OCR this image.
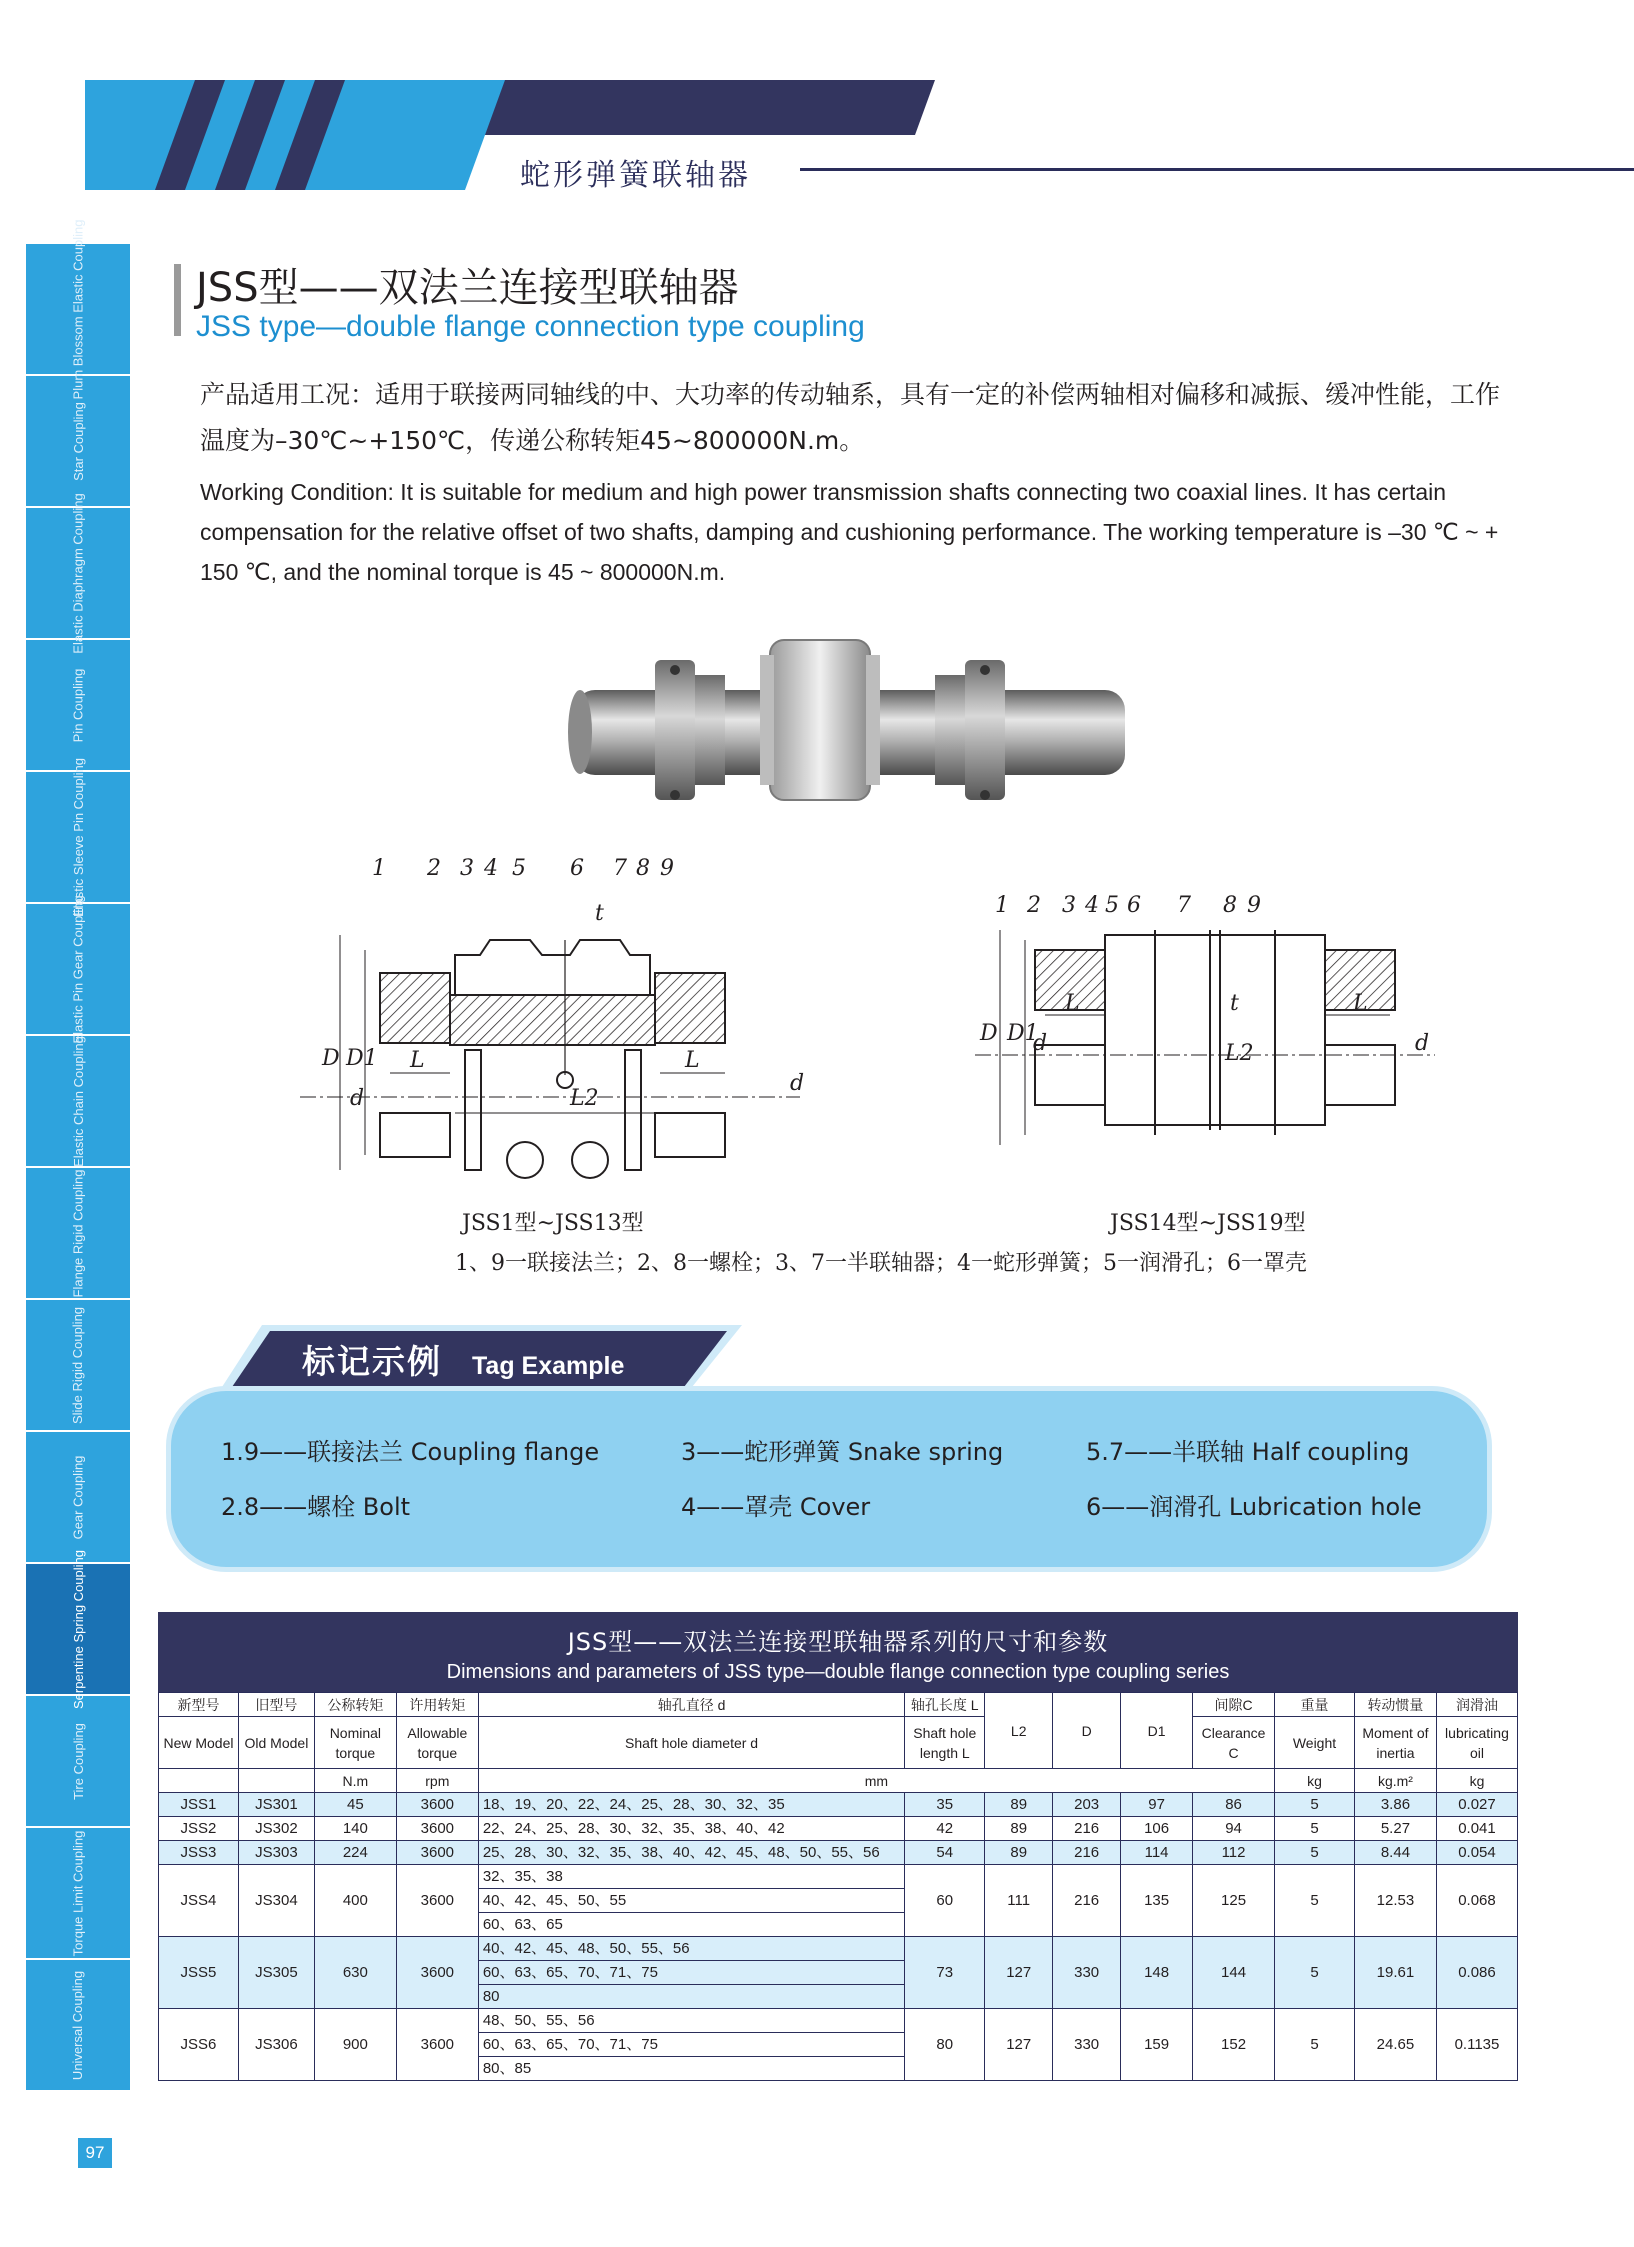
蛇形弹簧联轴器
Plum Blossom Elastic Coupling
Star Coupling
Elastic Diaphragm Coupling
Pin Coupling
Elastic Sleeve Pin Coupling
Elastic Pin Gear Coupling
Elastic Chain Coupling
Flange Rigid Coupling
Slide Rigid Coupling
Gear Coupling
Serpentine Spring Coupling
Tire Coupling
Torque Limit Coupling
Universal Coupling
JSS型——双法兰连接型联轴器
JSS type—double flange connection type coupling
产品适用工况：适用于联接两同轴线的中、大功率的传动轴系，具有一定的补偿两轴相对偏移和减振、缓冲性能，工作温度为–30℃~+150℃，传递公称转矩45~800000N.m。
Working Condition: It is suitable for medium and high power transmission shafts connecting two coaxial lines. It has certain compensation for the relative offset of two shafts, damping and cushioning performance. The working temperature is –30 ℃ ~ + 150 ℃, and the nominal torque is 45 ~ 800000N.m.
1 2 3 4 5 6 7 8 9
t
D D1
d
L	L
L2
d
1 2 3 4 5 6 7 8 9
t
D D1
d
L	L
L2	d
JSS1型~JSS13型	JSS14型~JSS19型
1、9一联接法兰；2、8一螺栓；3、7一半联轴器；4一蛇形弹簧；5一润滑孔；6一罩壳
标记示例 Tag Example
1.9——联接法兰 Coupling flange	3——蛇形弹簧 Snake spring	5.7——半联轴 Half coupling
2.8——螺栓 Bolt	4——罩壳 Cover	6——润滑孔 Lubrication hole
JSS型——双法兰连接型联轴器系列的尺寸和参数
Dimensions and parameters of JSS type—double flange connection type coupling series
新型号	旧型号	公称转矩	许用转矩	轴孔直径 d	轴孔长度 L	L2	D	D1	间隙C	重量	转动惯量	润滑油
New Model	Old Model	Nominal torque	Allowable torque	Shaft hole diameter d	Shaft hole length L				Clearance C	Weight	Moment of inertia	lubricating oil
		N.m	rpm	mm						kg	kg.m²	kg
JSS1	JS301	45	3600	18、19、20、22、24、25、28、30、32、35	35	89	203	97	86	5	3.86	0.027
JSS2	JS302	140	3600	22、24、25、28、30、32、35、38、40、42	42	89	216	106	94	5	5.27	0.041
JSS3	JS303	224	3600	25、28、30、32、35、38、40、42、45、48、50、55、56	54	89	216	114	112	5	8.44	0.054
JSS4	JS304	400	3600	32、35、38	60	111	216	135	125	5	12.53	0.068
				40、42、45、50、55								
				60、63、65								
JSS5	JS305	630	3600	40、42、45、48、50、55、56	73	127	330	148	144	5	19.61	0.086
				60、63、65、70、71、75								
				80								
JSS6	JS306	900	3600	48、50、55、56	80	127	330	159	152	5	24.65	0.1135
				60、63、65、70、71、75								
				80、85								
97
